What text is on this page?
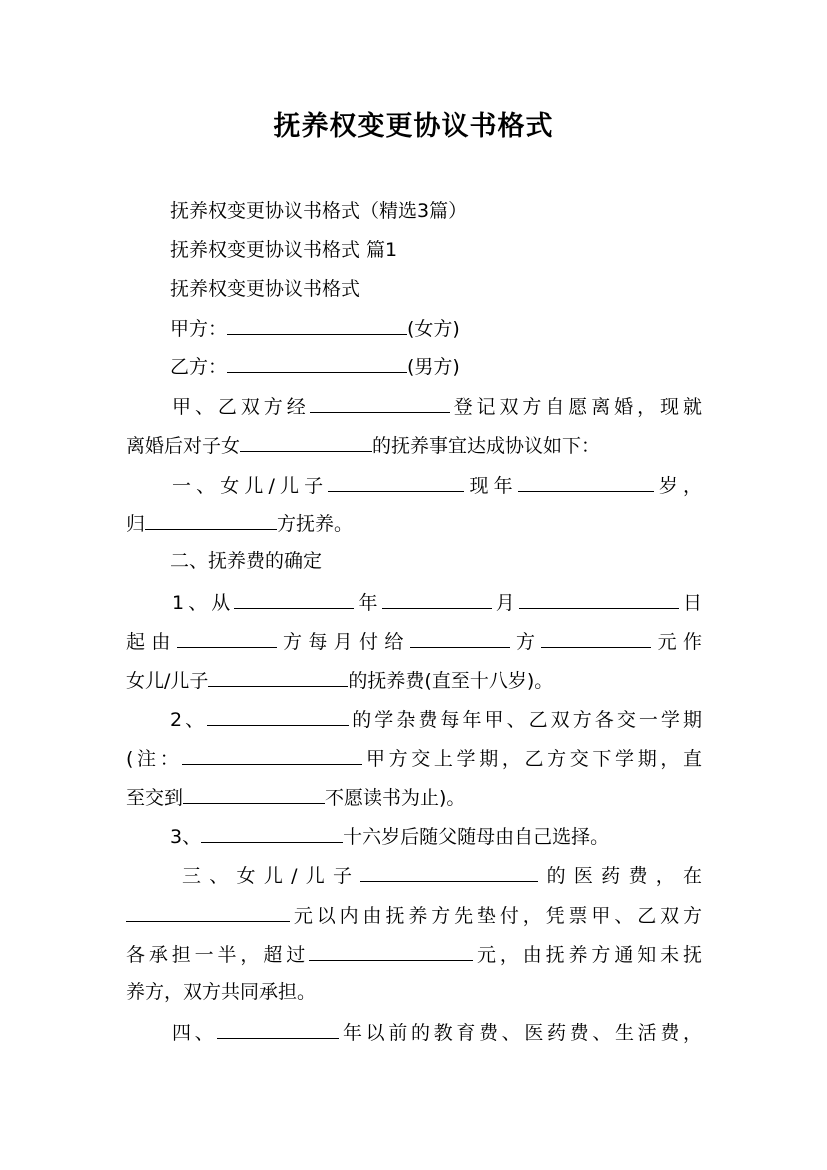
抚养权变更协议书格式
抚养权变更协议书格式（精选3篇）
抚养权变更协议书格式 篇1
抚养权变更协议书格式
甲方：	(女方)
乙方：	(男方)
甲、乙双方经	登记双方自愿离婚，现就
离婚后对子女	的抚养事宜达成协议如下：
一、女儿/儿子	现年	岁，
归	方抚养。
二、抚养费的确定
1、从	年	月	日
起由	方每月付给	方	元作
女儿/儿子	的抚养费(直至十八岁)。
2、	的学杂费每年甲、乙双方各交一学期
(注：	甲方交上学期，乙方交下学期，直
至交到	不愿读书为止)。
3、	十六岁后随父随母由自己选择。
三、女儿/儿子	的医药费，在
元以内由抚养方先垫付，凭票甲、乙双方
各承担一半，超过	元，由抚养方通知未抚
养方，双方共同承担。
四、	年以前的教育费、医药费、生活费，
